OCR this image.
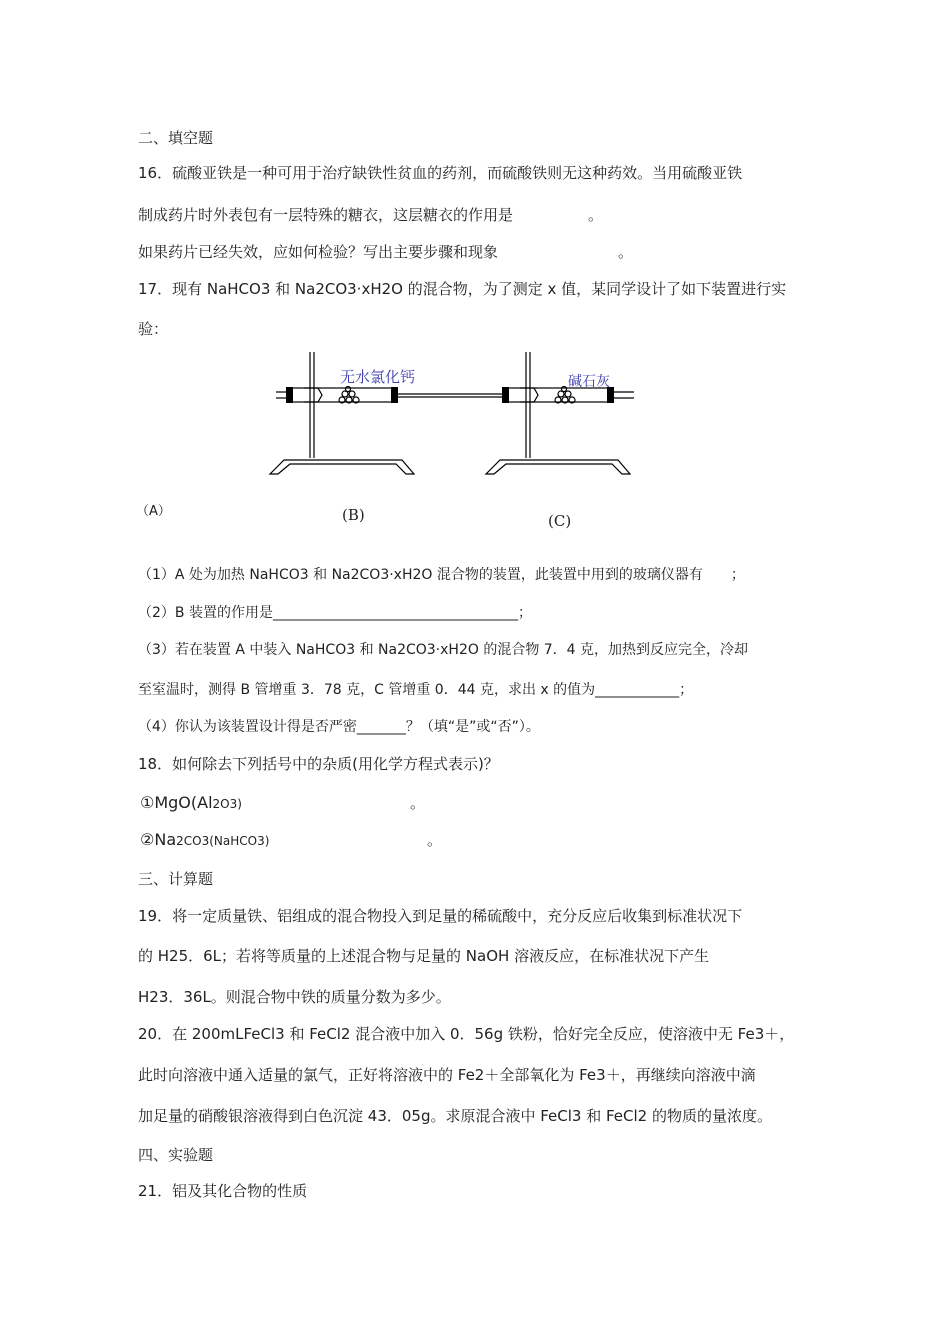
二、填空题
16．硫酸亚铁是一种可用于治疗缺铁性贫血的药剂，而硫酸铁则无这种药效。当用硫酸亚铁
制成药片时外表包有一层特殊的糖衣，这层糖衣的作用是　　　　　。
如果药片已经失效，应如何检验？写出主要步骤和现象　　　　　　　　。
17．现有 NaHCO3 和 Na2CO3·xH2O 的混合物，为了测定 x 值，某同学设计了如下装置进行实
验：
无水氯化钙	碱石灰
（A）	(B)	(C)
（1）A 处为加热 NaHCO3 和 Na2CO3·xH2O 混合物的装置，此装置中用到的玻璃仪器有　　；
（2）B 装置的作用是___________________________________；
（3）若在装置 A 中装入 NaHCO3 和 Na2CO3·xH2O 的混合物 7．4 克，加热到反应完全，冷却
至室温时，测得 B 管增重 3．78 克，C 管增重 0．44 克，求出 x 的值为____________；
（4）你认为该装置设计得是否严密_______？（填“是”或“否”）。
18．如何除去下列括号中的杂质(用化学方程式表示)？
①MgO(Al2O3)	。
②Na2CO3(NaHCO3)	。
三、计算题
19．将一定质量铁、铝组成的混合物投入到足量的稀硫酸中，充分反应后收集到标准状况下
的 H25．6L；若将等质量的上述混合物与足量的 NaOH 溶液反应，在标准状况下产生
H23．36L。则混合物中铁的质量分数为多少。
20．在 200mLFeCl3 和 FeCl2 混合液中加入 0．56g 铁粉，恰好完全反应，使溶液中无 Fe3＋，
此时向溶液中通入适量的氯气，正好将溶液中的 Fe2＋全部氧化为 Fe3＋，再继续向溶液中滴
加足量的硝酸银溶液得到白色沉淀 43．05g。求原混合液中 FeCl3 和 FeCl2 的物质的量浓度。
四、实验题
21．铝及其化合物的性质
